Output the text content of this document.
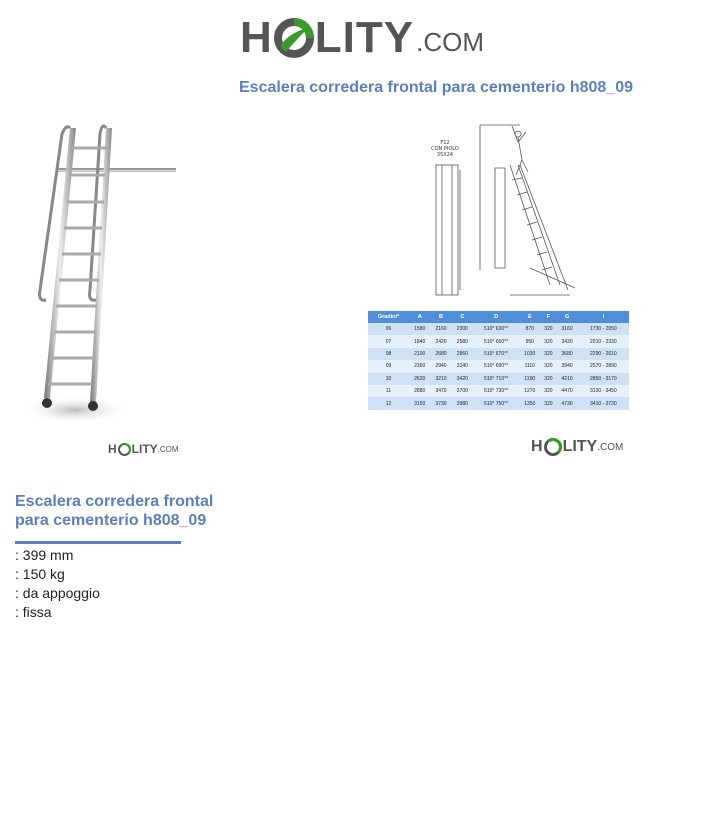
H LITY .COM
Escalera corredera frontal para cementerio h808_09
F12
CON PIOLO
35X24
Gradini*	A	B	C	D	E	F	G	I
06	1580	2160	2300	510° 630°*	870	320	3160	1730 - 2050
07	1840	2420	2580	510° 650°*	950	320	3420	2010 - 2330
08	2100	2680	2860	510° 670°*	1030	320	3680	2290 - 2610
09	2360	2940	3140	510° 690°*	1110	320	3940	2570 - 2890
10	2620	3210	3420	510° 710°*	1190	320	4210	2850 - 3170
11	2880	3470	3700	510° 730°*	1270	320	4470	3130 - 3450
12	3150	3730	3980	510° 750°*	1350	320	4730	3410 - 3730
H LITY .COM	H LITY .COM
Escalera corredera frontal para cementerio h808_09
: 399 mm
: 150 kg
: da appoggio
: fissa
